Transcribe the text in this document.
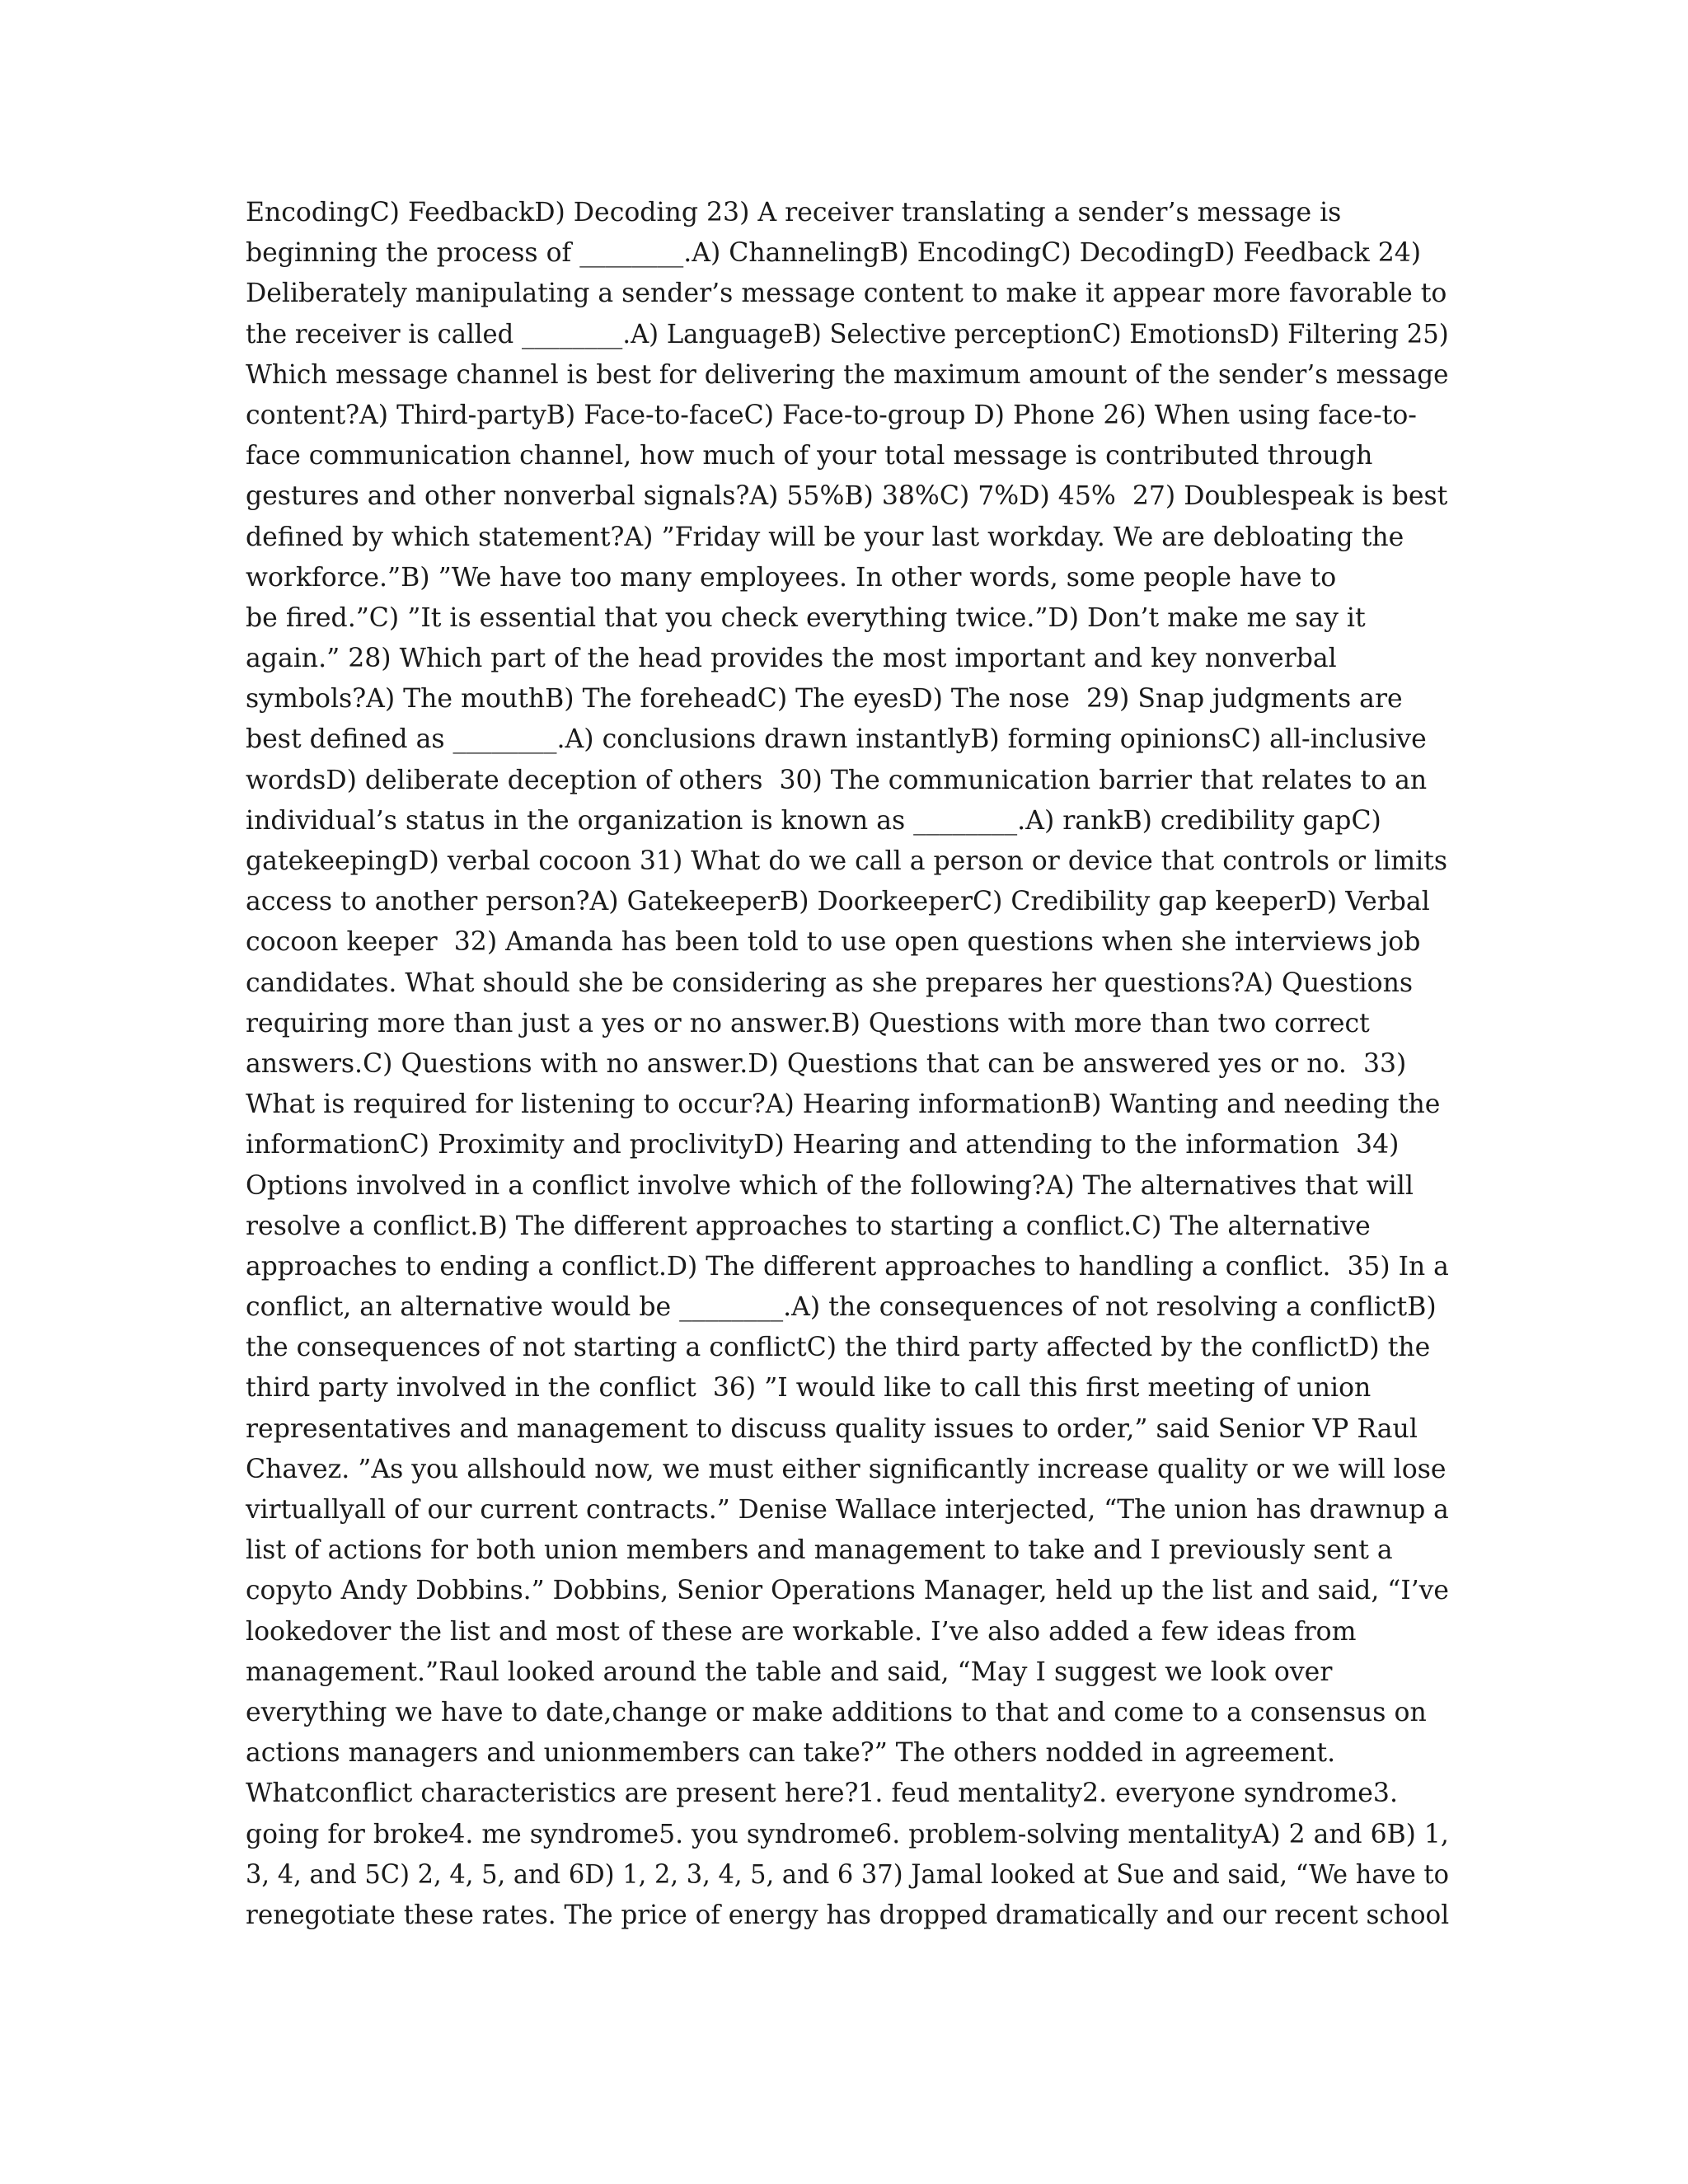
EncodingC) FeedbackD) Decoding 23) A receiver translating a sender’s message is
beginning the process of ________.A) ChannelingB) EncodingC) DecodingD) Feedback 24)
Deliberately manipulating a sender’s message content to make it appear more favorable to
the receiver is called ________.A) LanguageB) Selective perceptionC) EmotionsD) Filtering 25)
Which message channel is best for delivering the maximum amount of the sender’s message
content?A) Third-partyB) Face-to-faceC) Face-to-group D) Phone 26) When using face-to-
face communication channel, how much of your total message is contributed through
gestures and other nonverbal signals?A) 55%B) 38%C) 7%D) 45%  27) Doublespeak is best
defined by which statement?A) ”Friday will be your last workday. We are debloating the
workforce.”B) ”We have too many employees. In other words, some people have to
be fired.”C) ”It is essential that you check everything twice.”D) Don’t make me say it
again.” 28) Which part of the head provides the most important and key nonverbal
symbols?A) The mouthB) The foreheadC) The eyesD) The nose  29) Snap judgments are
best defined as ________.A) conclusions drawn instantlyB) forming opinionsC) all-inclusive
wordsD) deliberate deception of others  30) The communication barrier that relates to an
individual’s status in the organization is known as ________.A) rankB) credibility gapC)
gatekeepingD) verbal cocoon 31) What do we call a person or device that controls or limits
access to another person?A) GatekeeperB) DoorkeeperC) Credibility gap keeperD) Verbal
cocoon keeper  32) Amanda has been told to use open questions when she interviews job
candidates. What should she be considering as she prepares her questions?A) Questions
requiring more than just a yes or no answer.B) Questions with more than two correct
answers.C) Questions with no answer.D) Questions that can be answered yes or no.  33)
What is required for listening to occur?A) Hearing informationB) Wanting and needing the
informationC) Proximity and proclivityD) Hearing and attending to the information  34)
Options involved in a conflict involve which of the following?A) The alternatives that will
resolve a conflict.B) The different approaches to starting a conflict.C) The alternative
approaches to ending a conflict.D) The different approaches to handling a conflict.  35) In a
conflict, an alternative would be ________.A) the consequences of not resolving a conflictB)
the consequences of not starting a conflictC) the third party affected by the conflictD) the
third party involved in the conflict  36) ”I would like to call this first meeting of union
representatives and management to discuss quality issues to order,” said Senior VP Raul
Chavez. ”As you allshould now, we must either significantly increase quality or we will lose
virtuallyall of our current contracts.” Denise Wallace interjected, “The union has drawnup a
list of actions for both union members and management to take and I previously sent a
copyto Andy Dobbins.” Dobbins, Senior Operations Manager, held up the list and said, “I’ve
lookedover the list and most of these are workable. I’ve also added a few ideas from
management.”Raul looked around the table and said, “May I suggest we look over
everything we have to date,change or make additions to that and come to a consensus on
actions managers and unionmembers can take?” The others nodded in agreement.
Whatconflict characteristics are present here?1. feud mentality2. everyone syndrome3.
going for broke4. me syndrome5. you syndrome6. problem-solving mentalityA) 2 and 6B) 1,
3, 4, and 5C) 2, 4, 5, and 6D) 1, 2, 3, 4, 5, and 6 37) Jamal looked at Sue and said, “We have to
renegotiate these rates. The price of energy has dropped dramatically and our recent school
